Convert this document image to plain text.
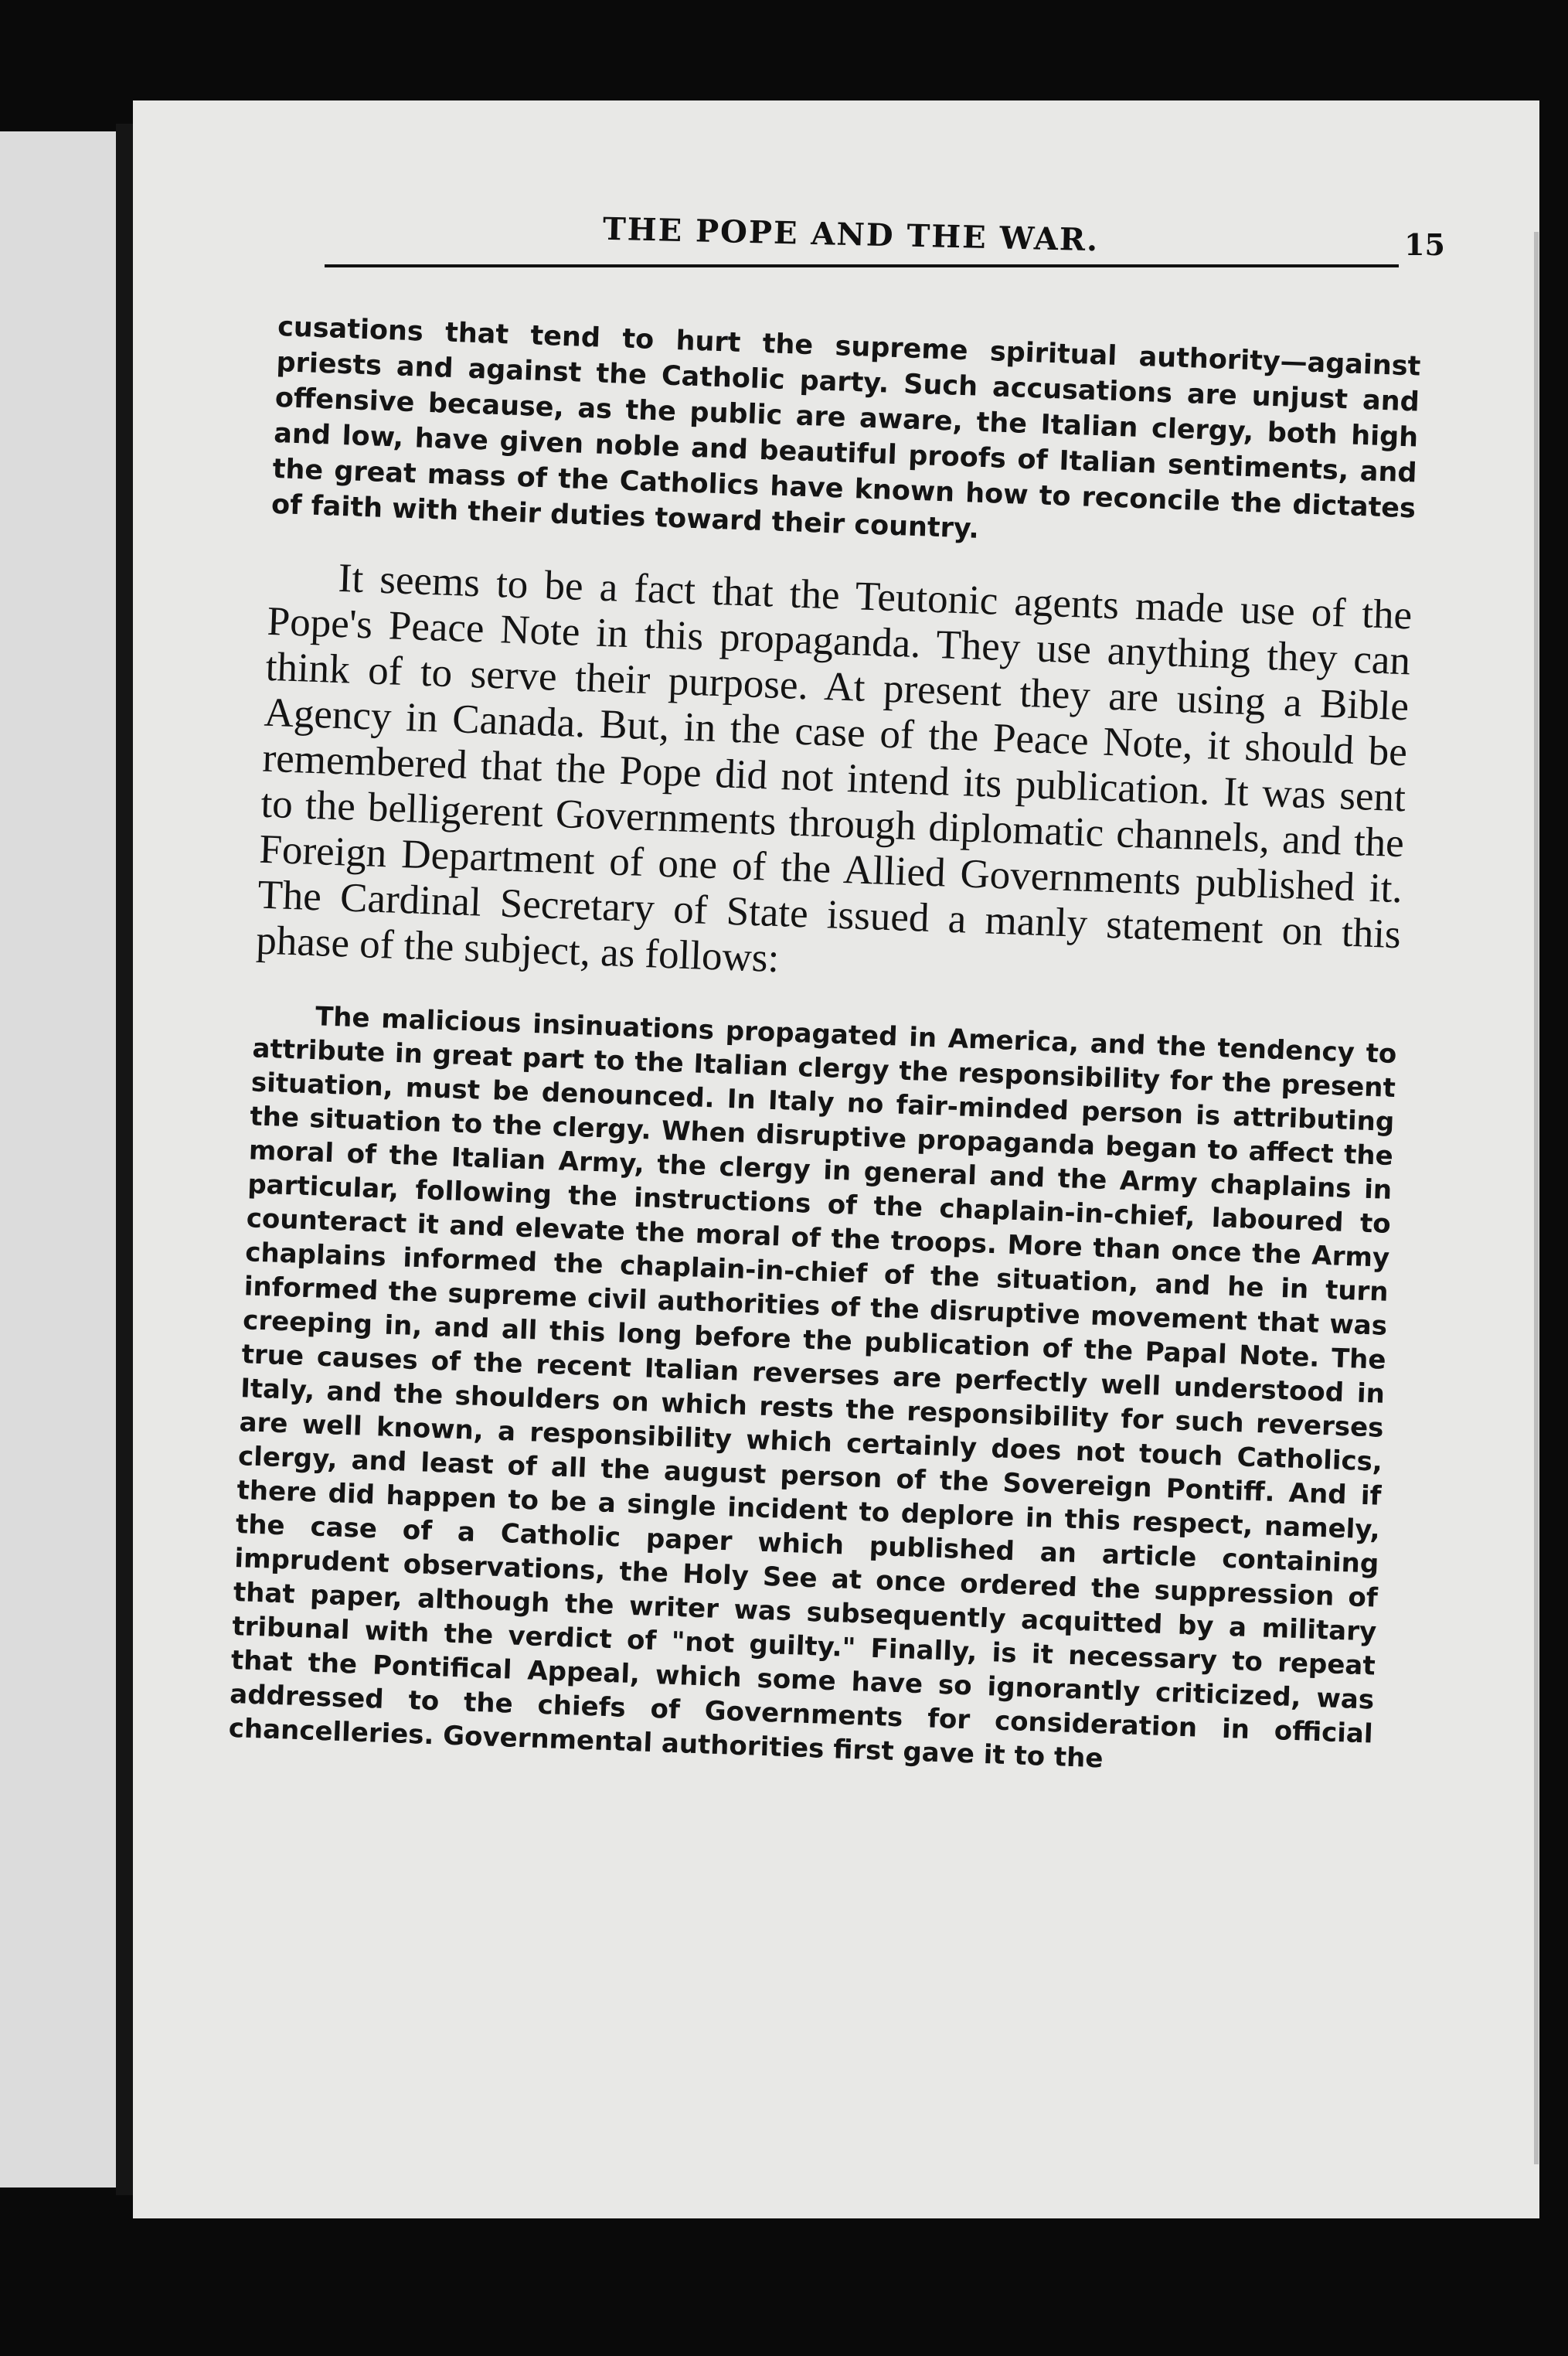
THE POPE AND THE WAR.	15

cusations that tend to hurt the supreme spiritual authority—against priests and against the Catholic party. Such accusations are unjust and offensive because, as the public are aware, the Italian clergy, both high and low, have given noble and beautiful proofs of Italian sentiments, and the great mass of the Catholics have known how to reconcile the dictates of faith with their duties toward their country.

It seems to be a fact that the Teutonic agents made use of the Pope's Peace Note in this propaganda. They use anything they can think of to serve their purpose. At present they are using a Bible Agency in Canada. But, in the case of the Peace Note, it should be remembered that the Pope did not intend its publication. It was sent to the belligerent Governments through diplomatic channels, and the Foreign Department of one of the Allied Governments published it. The Cardinal Secretary of State issued a manly statement on this phase of the subject, as follows:

The malicious insinuations propagated in America, and the tendency to attribute in great part to the Italian clergy the responsibility for the present situation, must be denounced. In Italy no fair-minded person is attributing the situation to the clergy. When disruptive propaganda began to affect the moral of the Italian Army, the clergy in general and the Army chaplains in particular, following the instructions of the chaplain-in-chief, laboured to counteract it and elevate the moral of the troops. More than once the Army chaplains informed the chaplain-in-chief of the situation, and he in turn informed the supreme civil authorities of the disruptive movement that was creeping in, and all this long before the publication of the Papal Note. The true causes of the recent Italian reverses are perfectly well understood in Italy, and the shoulders on which rests the responsibility for such reverses are well known, a responsibility which certainly does not touch Catholics, clergy, and least of all the august person of the Sovereign Pontiff. And if there did happen to be a single incident to deplore in this respect, namely, the case of a Catholic paper which published an article containing imprudent observations, the Holy See at once ordered the suppression of that paper, although the writer was subsequently acquitted by a military tribunal with the verdict of "not guilty." Finally, is it necessary to repeat that the Pontifical Appeal, which some have so ignorantly criticized, was addressed to the chiefs of Governments for consideration in official chancelleries. Governmental authorities first gave it to the
